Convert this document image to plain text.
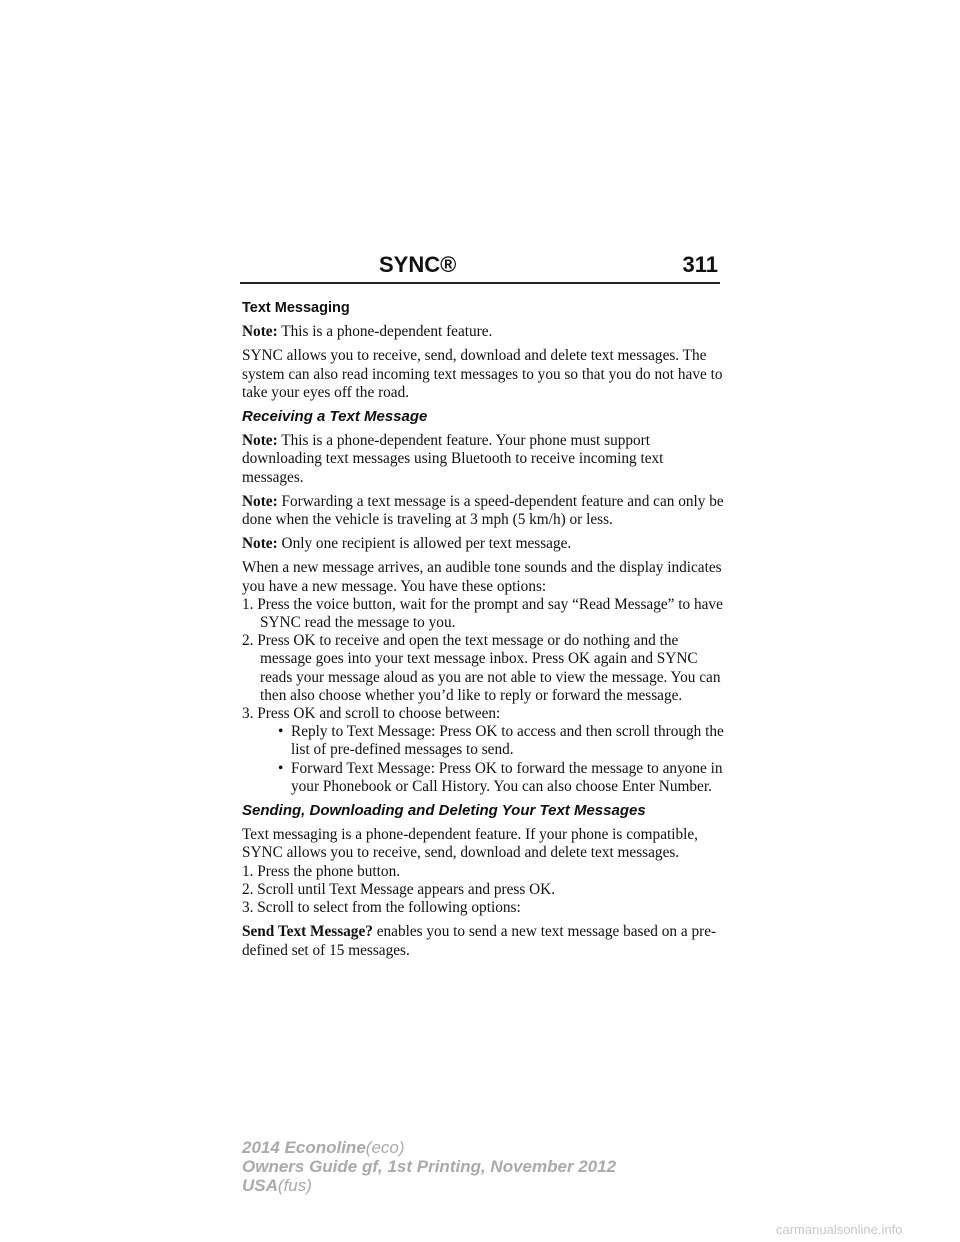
SYNC®	311
Text Messaging

Note: This is a phone-dependent feature.

SYNC allows you to receive, send, download and delete text messages. The system can also read incoming text messages to you so that you do not have to take your eyes off the road.

Receiving a Text Message

Note: This is a phone-dependent feature. Your phone must support downloading text messages using Bluetooth to receive incoming text messages.

Note: Forwarding a text message is a speed-dependent feature and can only be done when the vehicle is traveling at 3 mph (5 km/h) or less.

Note: Only one recipient is allowed per text message.

When a new message arrives, an audible tone sounds and the display indicates you have a new message. You have these options:

1. Press the voice button, wait for the prompt and say “Read Message” to have SYNC read the message to you.
2. Press OK to receive and open the text message or do nothing and the message goes into your text message inbox. Press OK again and SYNC reads your message aloud as you are not able to view the message. You can then also choose whether you’d like to reply or forward the message.
3. Press OK and scroll to choose between:
• Reply to Text Message: Press OK to access and then scroll through the list of pre-defined messages to send.
• Forward Text Message: Press OK to forward the message to anyone in your Phonebook or Call History. You can also choose Enter Number.
Sending, Downloading and Deleting Your Text Messages

Text messaging is a phone-dependent feature. If your phone is compatible, SYNC allows you to receive, send, download and delete text messages.

1. Press the phone button.
2. Scroll until Text Message appears and press OK.
3. Scroll to select from the following options:

Send Text Message? enables you to send a new text message based on a pre-defined set of 15 messages.

2014 Econoline(eco)
Owners Guide gf, 1st Printing, November 2012
USA(fus)
carmanualsonline.info
